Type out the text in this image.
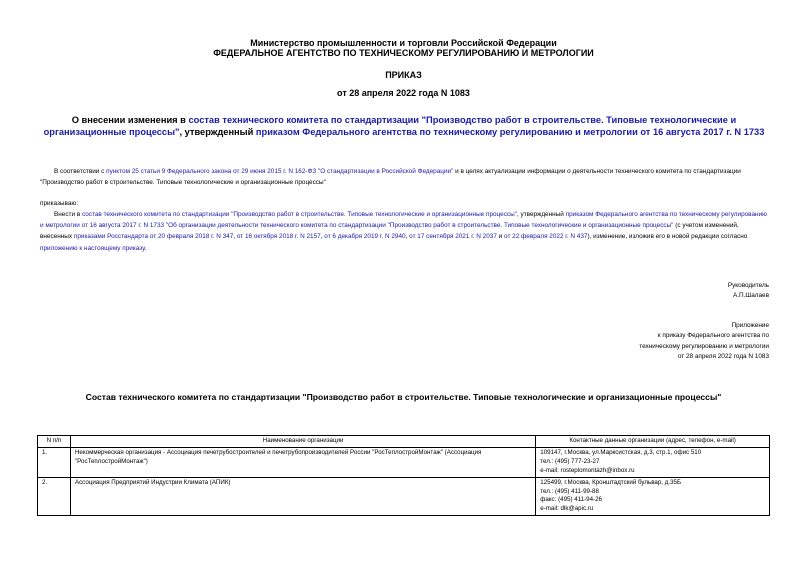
Министерство промышленности и торговли Российской Федерации
ФЕДЕРАЛЬНОЕ АГЕНТСТВО ПО ТЕХНИЧЕСКОМУ РЕГУЛИРОВАНИЮ И МЕТРОЛОГИИ
ПРИКАЗ
от 28 апреля 2022 года N 1083
О внесении изменения в состав технического комитета по стандартизации "Производство работ в строительстве. Типовые технологические и организационные процессы", утвержденный приказом Федерального агентства по техническому регулированию и метрологии от 16 августа 2017 г. N 1733
В соответствии с пунктом 25 статьи 9 Федерального закона от 29 июня 2015 г. N 162-ФЗ "О стандартизации в Российской Федерации" и в целях актуализации информации о деятельности технического комитета по стандартизации "Производство работ в строительстве. Типовые технологические и организационные процессы"
приказываю:
Внести в состав технического комитета по стандартизации "Производство работ в строительстве. Типовые технологические и организационные процессы", утвержденный приказом Федерального агентства по техническому регулированию и метрологии от 16 августа 2017 г. N 1733 "Об организации деятельности технического комитета по стандартизации "Производство работ в строительстве. Типовые технологические и организационные процессы" (с учетом изменений, внесенных приказами Росстандарта от 20 февраля 2018 г. N 347, от 16 октября 2018 г. N 2157, от 6 декабря 2019 г. N 2940, от 17 сентября 2021 г. N 2037 и от 22 февраля 2022 г. N 437), изменение, изложив его в новой редакции согласно приложению к настоящему приказу.
Руководитель
А.П.Шалаев
Приложение
к приказу Федерального агентства по техническому регулированию и метрологии
от 28 апреля 2022 года N 1083
Состав технического комитета по стандартизации "Производство работ в строительстве. Типовые технологические и организационные процессы"
N п/п	Наименование организации	Контактные данные организации (адрес, телефон, e-mail)
1.	Некоммерческая организация - Ассоциация печетрубостроителей и печетрубопроизводителей России "РосТеплостройМонтаж" (Ассоциация "РосТеплостройМонтаж")	109147, г.Москва, ул.Марксистская, д.3, стр.1, офис 510
тел.: (495) 777-23-27
e-mail: rosteplomontazh@inbox.ru

2.	Ассоциация Предприятий Индустрии Климата (АПИК)	125499, г.Москва, Кронштадтский бульвар, д.35Б
тел.: (495) 411-99-88
факс: (495) 411-94-26
e-mail: dlk@apic.ru
